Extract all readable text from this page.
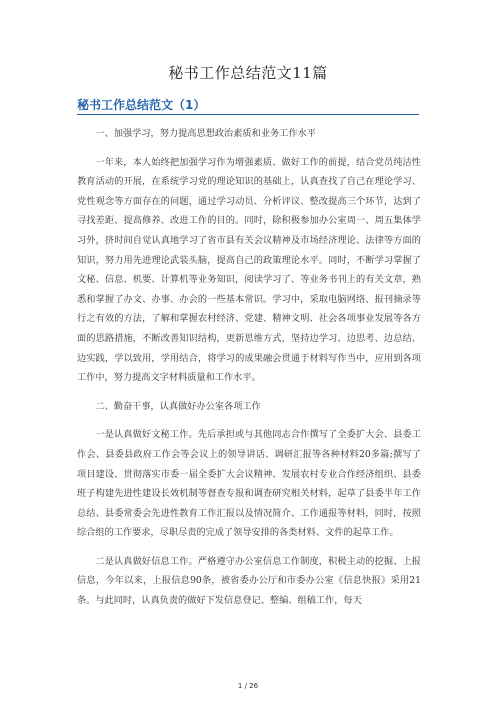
秘书工作总结范文11篇
秘书工作总结范文（1）

一、加强学习，努力提高思想政治素质和业务工作水平

一年来，本人始终把加强学习作为增强素质、做好工作的前提，结合党员纯洁性教育活动的开展，在系统学习党的理论知识的基础上，认真查找了自己在理论学习、党性观念等方面存在的问题，通过学习动员、分析评议、整改提高三个环节，达到了寻找差距、提高修养、改进工作的目的。同时，除积极参加办公室周一、周五集体学习外，挤时间自觉认真地学习了省市县有关会议精神及市场经济理论、法律等方面的知识，努力用先进理论武装头脑，提高自己的政策理论水平。同时，不断学习掌握了文秘、信息、机要、计算机等业务知识，阅读学习了、等业务书刊上的有关文章，熟悉和掌握了办文、办事、办会的一些基本常识。学习中，采取电脑网络、报刊摘录等行之有效的方法，了解和掌握农村经济、党建、精神文明、社会各项事业发展等各方面的思路措施，不断改善知识结构，更新思维方式，坚持边学习、边思考、边总结、边实践，学以致用，学用结合，将学习的成果融会贯通于材料写作当中，应用到各项工作中，努力提高文字材料质量和工作水平。

二、勤奋干事，认真做好办公室各项工作

一是认真做好文秘工作。先后承担或与其他同志合作撰写了全委扩大会、县委工作会、县委县政府工作会等会议上的领导讲话、调研汇报等各种材料20多篇;撰写了项目建设、贯彻落实市委一届全委扩大会议精神、发展农村专业合作经济组织、县委班子构建先进性建设长效机制等督查专报和调查研究相关材料，起草了县委半年工作总结、县委常委会先进性教育工作汇报以及情况简介、工作通报等材料，同时，按照综合组的工作要求，尽职尽责的完成了领导安排的各类材料、文件的起草工作。

二是认真做好信息工作。严格遵守办公室信息工作制度，积极主动的挖掘、上报信息，今年以来，上报信息90条，被省委办公厅和市委办公室《信息快报》采用21条。与此同时，认真负责的做好下发信息登记、整编、组稿工作，每天

1 / 26
